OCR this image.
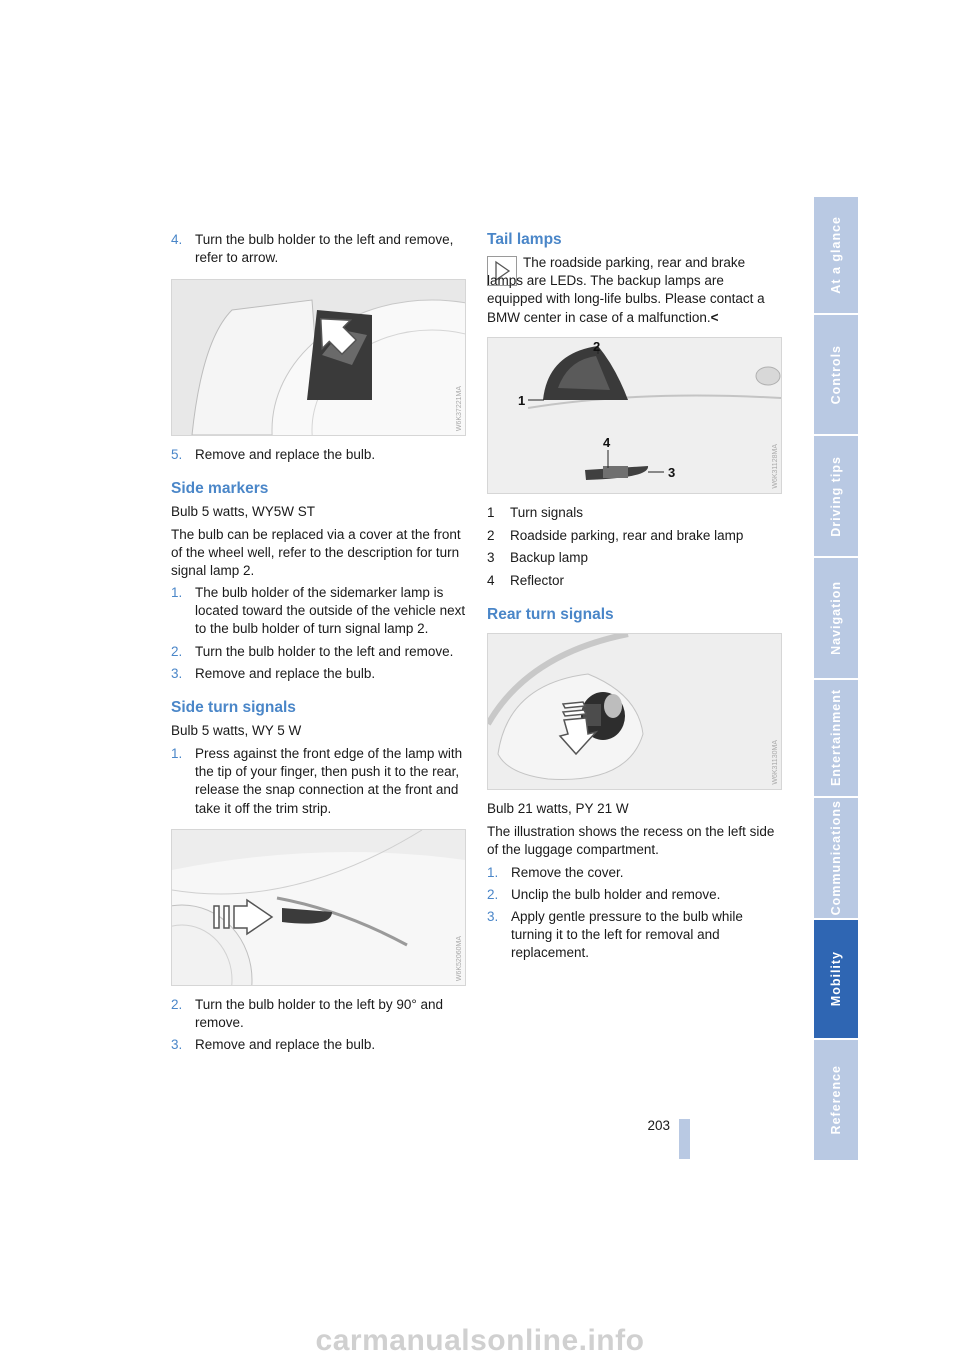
4. Turn the bulb holder to the left and remove, refer to arrow.
W6K37221MA
5. Remove and replace the bulb.
Side markers

Bulb 5 watts, WY5W ST

The bulb can be replaced via a cover at the front of the wheel well, refer to the description for turn signal lamp 2.

1. The bulb holder of the sidemarker lamp is located toward the outside of the vehicle next to the bulb holder of turn signal lamp 2.
2. Turn the bulb holder to the left and remove.
3. Remove and replace the bulb.
Side turn signals

Bulb 5 watts, WY 5 W

1. Press against the front edge of the lamp with the tip of your finger, then push it to the rear, release the snap connection at the front and take it off the trim strip.
W6K52060MA
2. Turn the bulb holder to the left by 90° and remove.
3. Remove and replace the bulb.
Tail lamps

The roadside parking, rear and brake lamps are LEDs. The backup lamps are equipped with long-life bulbs. Please contact a BMW center in case of a malfunction.<

1
2
3
4
W6K31128MA
1 Turn signals
2 Roadside parking, rear and brake lamp
3 Backup lamp
4 Reflector
Rear turn signals
W6K31130MA

Bulb 21 watts, PY 21 W

The illustration shows the recess on the left side of the luggage compartment.

1. Remove the cover.
2. Unclip the bulb holder and remove.
3. Apply gentle pressure to the bulb while turning it to the left for removal and replacement.
At a glance
Controls
Driving tips
Navigation
Entertainment
Communications
Mobility
Reference
203
carmanualsonline.info
